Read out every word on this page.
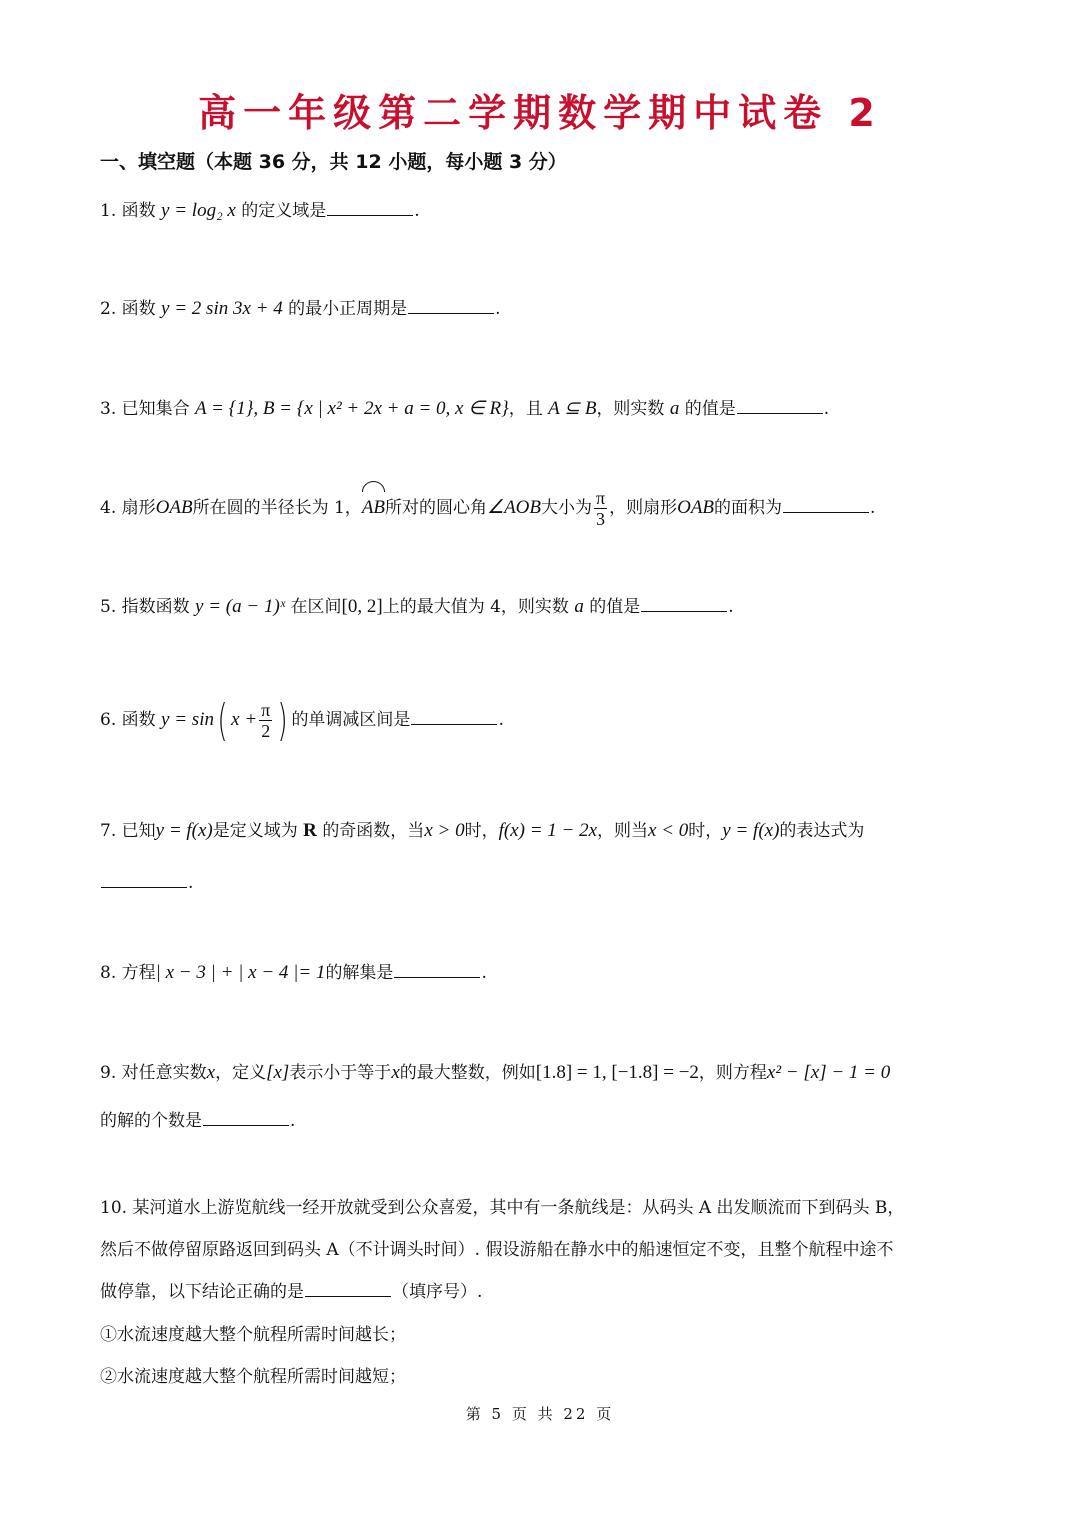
高一年级第二学期数学期中试卷 2
一、填空题（本题 36 分，共 12 小题，每小题 3 分）
1. 函数 y = log₂ x 的定义域是	.
2. 函数 y = 2 sin 3x + 4 的最小正周期是	.
3. 已知集合 A = {1}, B = {x | x² + 2x + a = 0, x ∈ R}，且 A ⊆ B，则实数 a 的值是	.
4. 扇形OAB所在圆的半径长为 1，AB所对的圆心角∠AOB大小为 $\frac{\pi}{3}$ ，则扇形OAB的面积为	.
5. 指数函数 y = (a − 1)ˣ 在区间[0, 2]上的最大值为 4，则实数 a 的值是	.
6. 函数 y = sin( $x + \frac{\pi}{2}$ ) 的单调减区间是	.
7. 已知y = f(x)是定义域为 R 的奇函数，当x > 0时，f(x) = 1 − 2x，则当x < 0时，y = f(x)的表达式为
.
8. 方程| x − 3 | + | x − 4 |= 1的解集是	.
9. 对任意实数x，定义[x]表示小于等于x的最大整数，例如[1.8] = 1, [−1.8] = −2，则方程x² − [x] − 1 = 0
的解的个数是	.
10. 某河道水上游览航线一经开放就受到公众喜爱，其中有一条航线是：从码头 A 出发顺流而下到码头 B，
然后不做停留原路返回到码头 A（不计调头时间）. 假设游船在静水中的船速恒定不变，且整个航程中途不
做停靠，以下结论正确的是	（填序号）.
①水流速度越大整个航程所需时间越长；
②水流速度越大整个航程所需时间越短；
第 5 页 共 22 页
